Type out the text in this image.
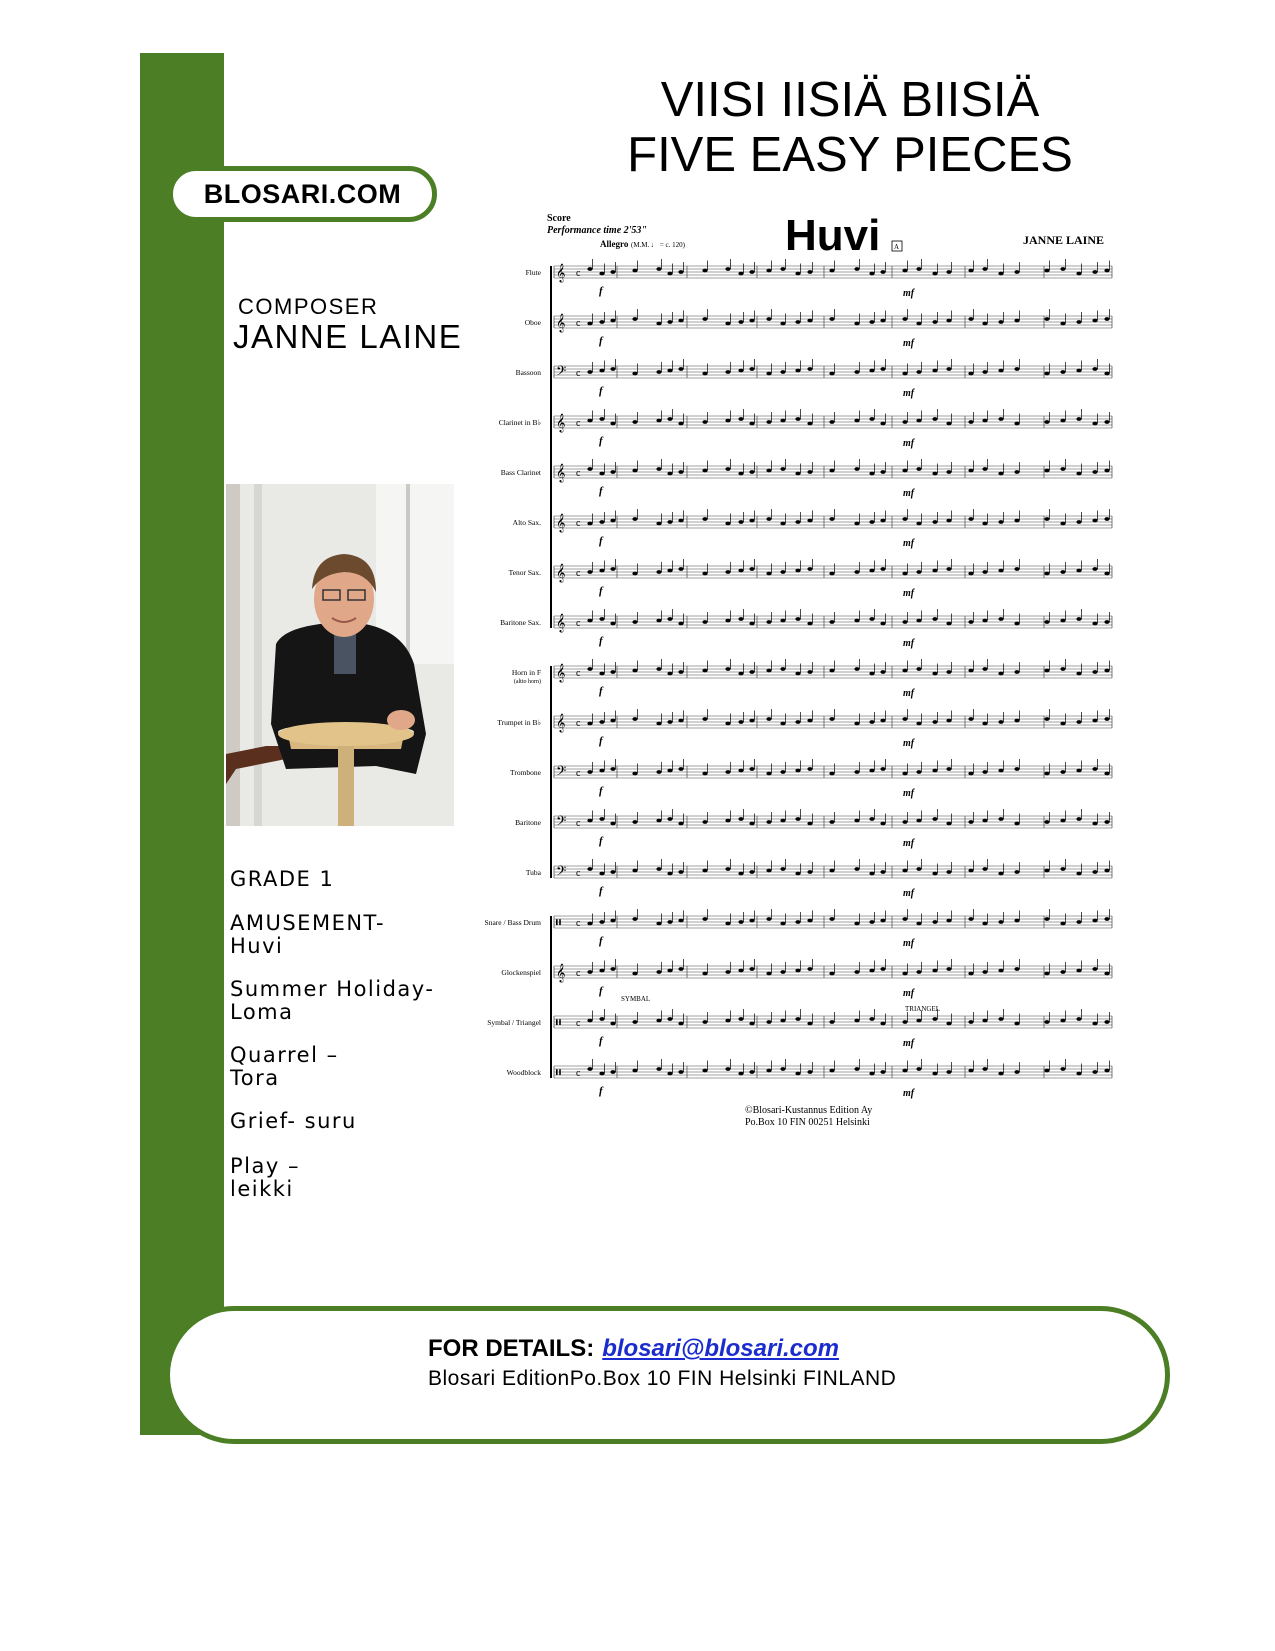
BLOSARI.COM
VIISI IISIÄ BIISIÄ
FIVE EASY PIECES
COMPOSER
JANNE LAINE
GRADE 1
AMUSEMENT-
Huvi
Summer Holiday-
Loma
Quarrel –
Tora
Grief- suru
Play –
leikki
Score
Performance time 2'53"	Huvi A	JANNE LAINE
Allegro (M.M. ♩ = c. 120)
Flute 𝄞 c
f	mf
Oboe 𝄞 c
f	mf
Bassoon 𝄢 c
f	mf
Clarinet in B♭ 𝄞 c
f	mf
Bass Clarinet 𝄞 c
f	mf
Alto Sax. 𝄞 c
f	mf
Tenor Sax. 𝄞 c
f	mf
Baritone Sax. 𝄞 c
f	mf
Horn in F
(altto horn) 𝄞 c
f	mf
Trumpet in B♭ 𝄞 c
f	mf
Trombone 𝄢 c
f	mf
Baritone 𝄢 c
f	mf
Tuba 𝄢 c
f	mf
Snare / Bass Drum 𝄥 c
f	mf
Glockenspiel 𝄞 c
f	mf
Symbal / Triangel 𝄥 c
f	mf
Woodblock 𝄥 c
f	mf
SYMBAL
TRIANGEL
©Blosari-Kustannus Edition Ay
Po.Box 10 FIN 00251 Helsinki
FOR DETAILS: blosari@blosari.com
Blosari EditionPo.Box 10 FIN Helsinki FINLAND
